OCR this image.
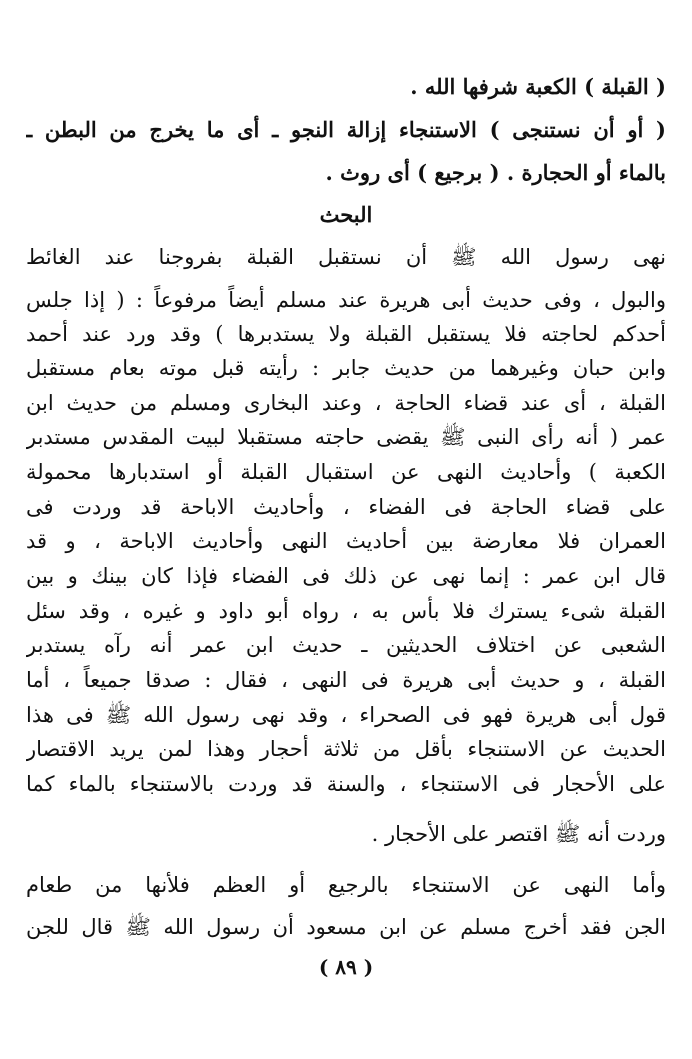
( القبلة ) الكعبة شرفها الله .
( أو أن نستنجى ) الاستنجاء إزالة النجو ـ أى ما يخرج من البطن ـ
بالماء أو الحجارة . ( برجيع ) أى روث .
البحث
نهى رسول الله ﷺ أن نستقبل القبلة بفروجنا عند الغائط
والبول ، وفى حديث أبى هريرة عند مسلم أيضاً مرفوعاً : ( إذا جلس
أحدكم لحاجته فلا يستقبل القبلة ولا يستدبرها ) وقد ورد عند أحمد
وابن حبان وغيرهما من حديث جابر : رأيته قبل موته بعام مستقبل
القبلة ، أى عند قضاء الحاجة ، وعند البخارى ومسلم من حديث ابن
عمر ( أنه رأى النبى ﷺ يقضى حاجته مستقبلا لبيت المقدس مستدبر
الكعبة ) وأحاديث النهى عن استقبال القبلة أو استدبارها محمولة
على قضاء الحاجة فى الفضاء ، وأحاديث الاباحة قد وردت فى
العمران فلا معارضة بين أحاديث النهى وأحاديث الاباحة ، و قد
قال ابن عمر : إنما نهى عن ذلك فى الفضاء فإذا كان بينك و بين
القبلة شىء يسترك فلا بأس به ، رواه أبو داود و غيره ، وقد سئل
الشعبى عن اختلاف الحديثين ـ حديث ابن عمر أنه رآه يستدبر
القبلة ، و حديث أبى هريرة فى النهى ، فقال : صدقا جميعاً ، أما
قول أبى هريرة فهو فى الصحراء ، وقد نهى رسول الله ﷺ فى هذا
الحديث عن الاستنجاء بأقل من ثلاثة أحجار وهذا لمن يريد الاقتصار
على الأحجار فى الاستنجاء ، والسنة قد وردت بالاستنجاء بالماء كما
وردت أنه ﷺ اقتصر على الأحجار .
وأما النهى عن الاستنجاء بالرجيع أو العظم فلأنها من طعام
الجن فقد أخرج مسلم عن ابن مسعود أن رسول الله ﷺ قال للجن
( ٨٩ )
